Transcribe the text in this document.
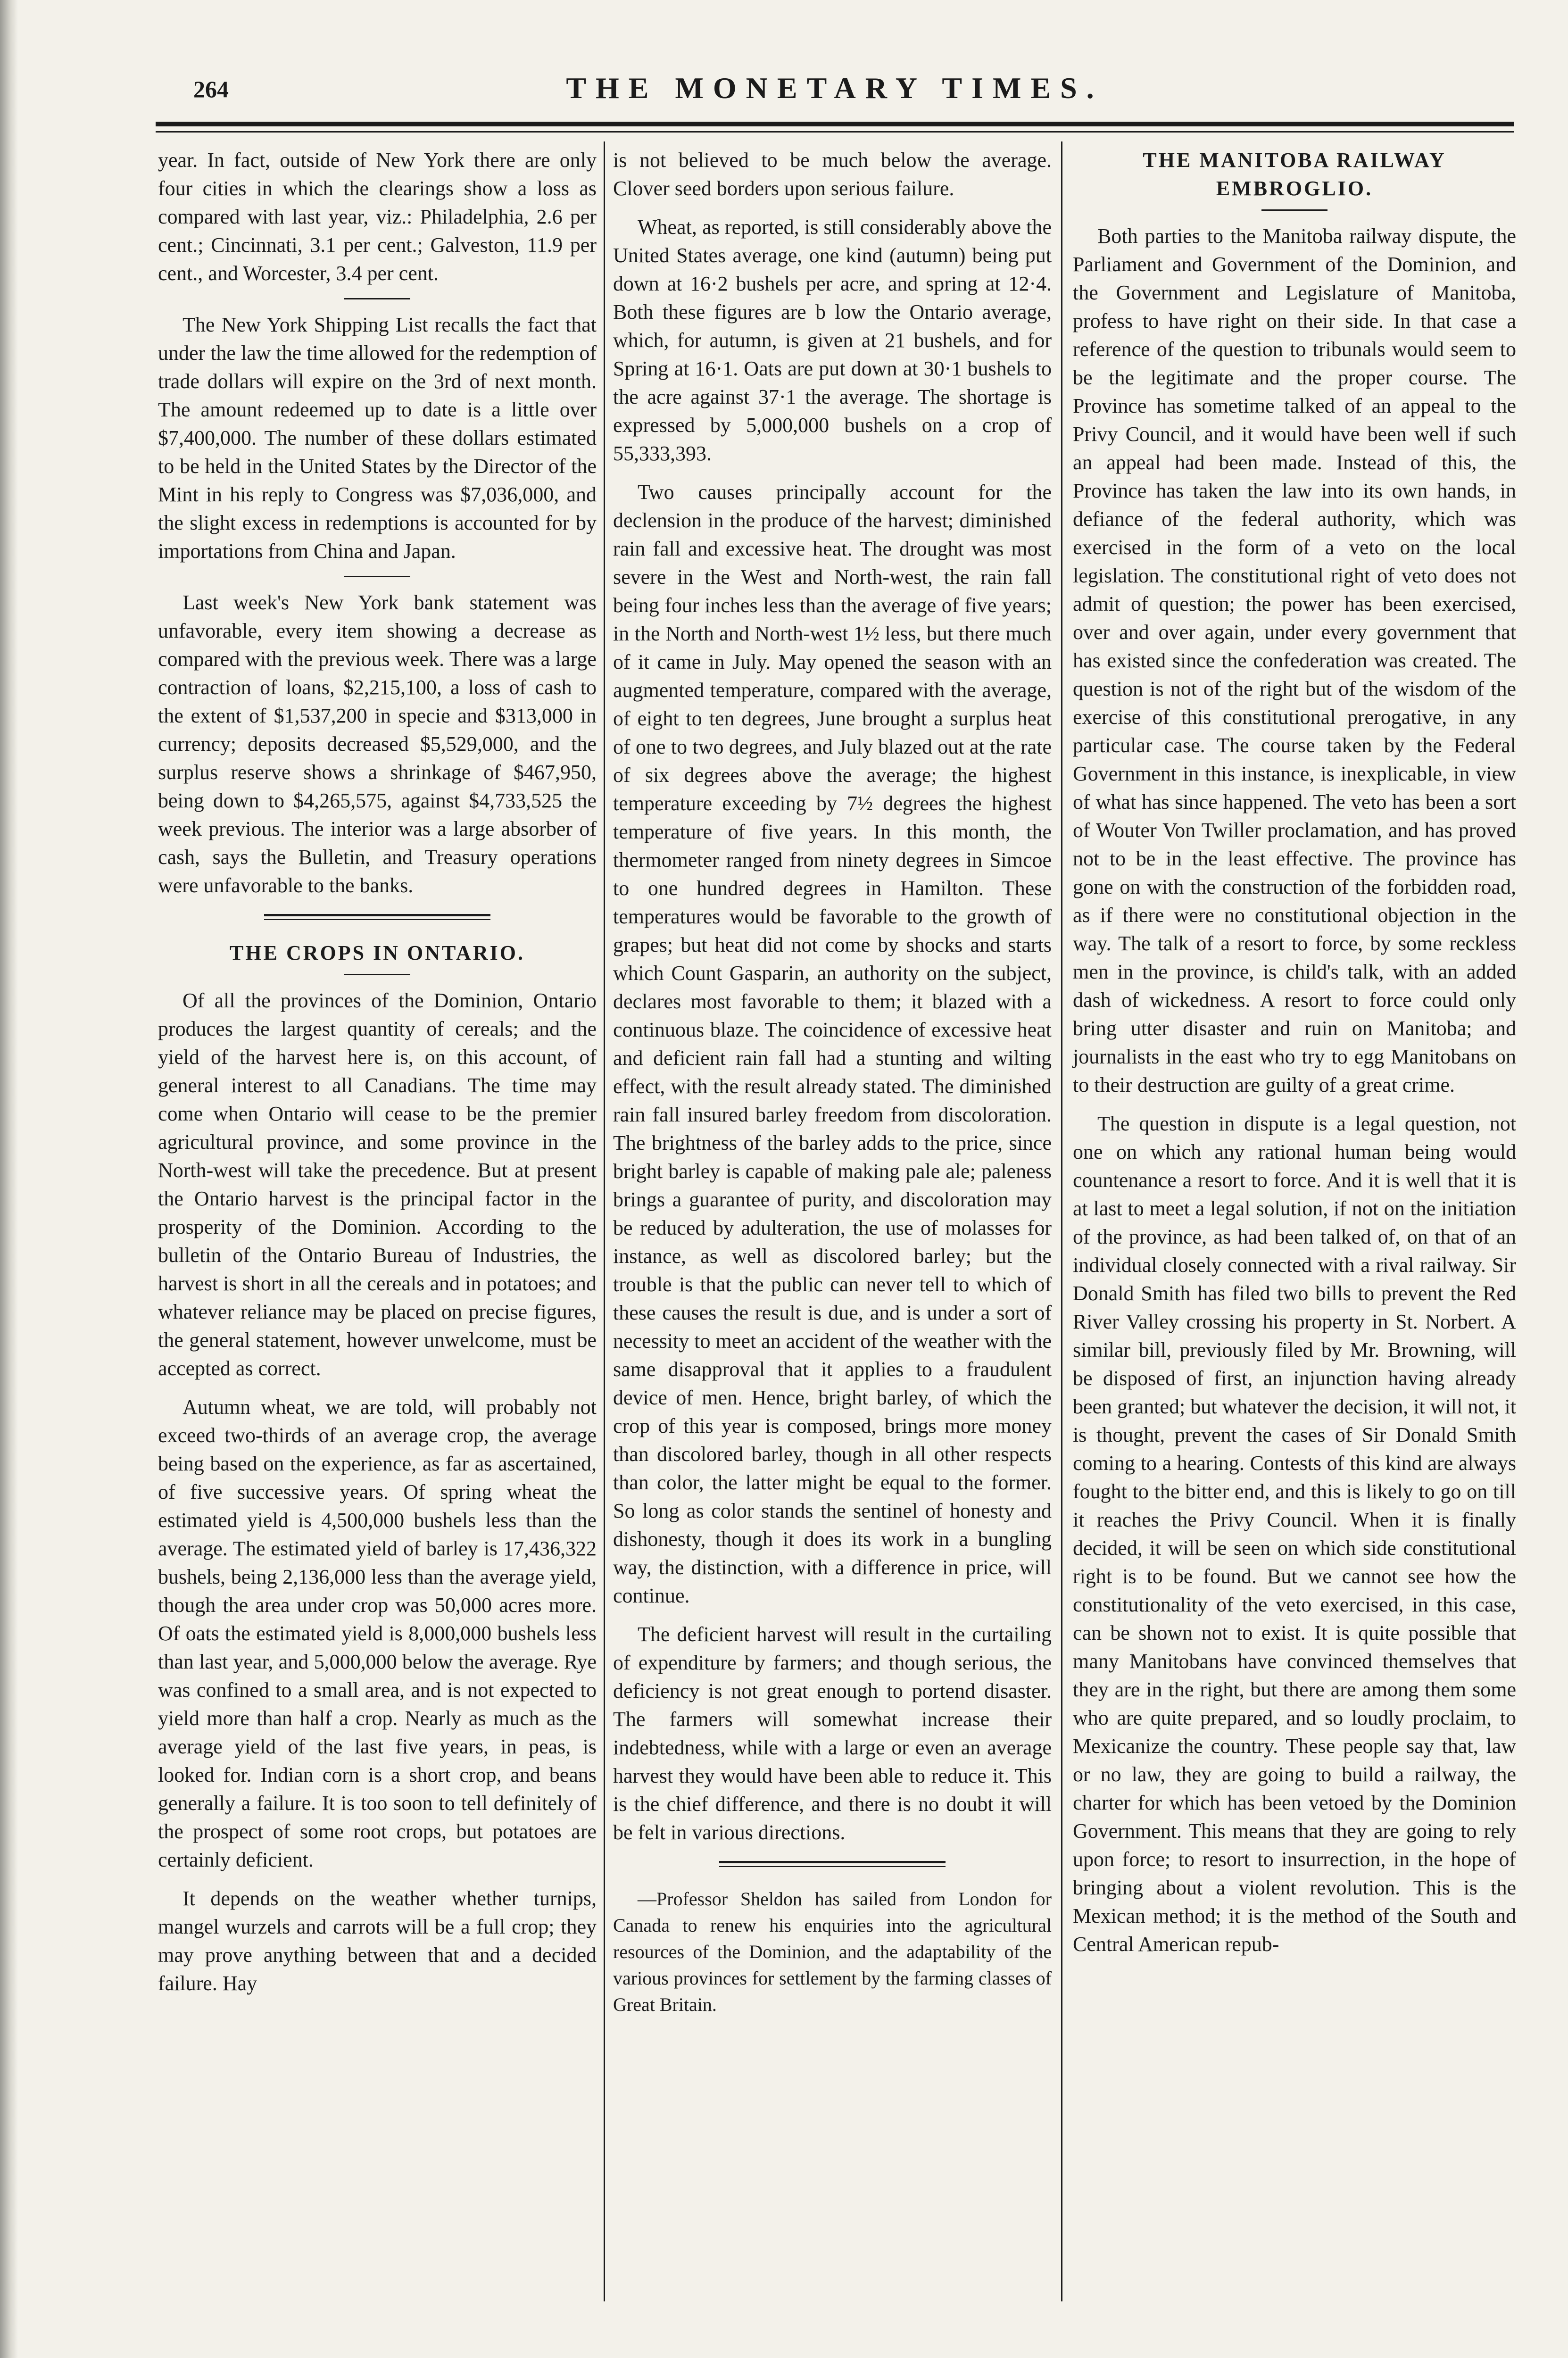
264	THE MONETARY TIMES.

year. In fact, outside of New York there are only four cities in which the clearings show a loss as compared with last year, viz.: Philadelphia, 2.6 per cent.; Cincinnati, 3.1 per cent.; Galveston, 11.9 per cent., and Worcester, 3.4 per cent.

The New York Shipping List recalls the fact that under the law the time allowed for the redemption of trade dollars will expire on the 3rd of next month. The amount redeemed up to date is a little over $7,400,000. The number of these dollars estimated to be held in the United States by the Director of the Mint in his reply to Congress was $7,036,000, and the slight excess in redemptions is accounted for by importations from China and Japan.

Last week's New York bank statement was unfavorable, every item showing a decrease as compared with the previous week. There was a large contraction of loans, $2,215,100, a loss of cash to the extent of $1,537,200 in specie and $313,000 in currency; deposits decreased $5,529,000, and the surplus reserve shows a shrinkage of $467,950, being down to $4,265,575, against $4,733,525 the week previous. The interior was a large absorber of cash, says the Bulletin, and Treasury operations were unfavorable to the banks.

THE CROPS IN ONTARIO.

Of all the provinces of the Dominion, Ontario produces the largest quantity of cereals; and the yield of the harvest here is, on this account, of general interest to all Canadians. The time may come when Ontario will cease to be the premier agricultural province, and some province in the North-west will take the precedence. But at present the Ontario harvest is the principal factor in the prosperity of the Dominion. According to the bulletin of the Ontario Bureau of Industries, the harvest is short in all the cereals and in potatoes; and whatever reliance may be placed on precise figures, the general statement, however unwelcome, must be accepted as correct.

Autumn wheat, we are told, will probably not exceed two-thirds of an average crop, the average being based on the experience, as far as ascertained, of five successive years. Of spring wheat the estimated yield is 4,500,000 bushels less than the average. The estimated yield of barley is 17,436,322 bushels, being 2,136,000 less than the average yield, though the area under crop was 50,000 acres more. Of oats the estimated yield is 8,000,000 bushels less than last year, and 5,000,000 below the average. Rye was confined to a small area, and is not expected to yield more than half a crop. Nearly as much as the average yield of the last five years, in peas, is looked for. Indian corn is a short crop, and beans generally a failure. It is too soon to tell definitely of the prospect of some root crops, but potatoes are certainly deficient.

It depends on the weather whether turnips, mangel wurzels and carrots will be a full crop; they may prove anything between that and a decided failure. Hay

is not believed to be much below the average. Clover seed borders upon serious failure.

Wheat, as reported, is still considerably above the United States average, one kind (autumn) being put down at 16·2 bushels per acre, and spring at 12·4. Both these figures are b low the Ontario average, which, for autumn, is given at 21 bushels, and for Spring at 16·1. Oats are put down at 30·1 bushels to the acre against 37·1 the average. The shortage is expressed by 5,000,000 bushels on a crop of 55,333,393.

Two causes principally account for the declension in the produce of the harvest; diminished rain fall and excessive heat. The drought was most severe in the West and North-west, the rain fall being four inches less than the average of five years; in the North and North-west 1½ less, but there much of it came in July. May opened the season with an augmented temperature, compared with the average, of eight to ten degrees, June brought a surplus heat of one to two degrees, and July blazed out at the rate of six degrees above the average; the highest temperature exceeding by 7½ degrees the highest temperature of five years. In this month, the thermometer ranged from ninety degrees in Simcoe to one hundred degrees in Hamilton. These temperatures would be favorable to the growth of grapes; but heat did not come by shocks and starts which Count Gasparin, an authority on the subject, declares most favorable to them; it blazed with a continuous blaze. The coincidence of excessive heat and deficient rain fall had a stunting and wilting effect, with the result already stated. The diminished rain fall insured barley freedom from discoloration. The brightness of the barley adds to the price, since bright barley is capable of making pale ale; paleness brings a guarantee of purity, and discoloration may be reduced by adulteration, the use of molasses for instance, as well as discolored barley; but the trouble is that the public can never tell to which of these causes the result is due, and is under a sort of necessity to meet an accident of the weather with the same disapproval that it applies to a fraudulent device of men. Hence, bright barley, of which the crop of this year is composed, brings more money than discolored barley, though in all other respects than color, the latter might be equal to the former. So long as color stands the sentinel of honesty and dishonesty, though it does its work in a bungling way, the distinction, with a difference in price, will continue.

The deficient harvest will result in the curtailing of expenditure by farmers; and though serious, the deficiency is not great enough to portend disaster. The farmers will somewhat increase their indebtedness, while with a large or even an average harvest they would have been able to reduce it. This is the chief difference, and there is no doubt it will be felt in various directions.

—Professor Sheldon has sailed from London for Canada to renew his enquiries into the agricultural resources of the Dominion, and the adaptability of the various provinces for settlement by the farming classes of Great Britain.

THE MANITOBA RAILWAY EMBROGLIO.

Both parties to the Manitoba railway dispute, the Parliament and Government of the Dominion, and the Government and Legislature of Manitoba, profess to have right on their side. In that case a reference of the question to tribunals would seem to be the legitimate and the proper course. The Province has sometime talked of an appeal to the Privy Council, and it would have been well if such an appeal had been made. Instead of this, the Province has taken the law into its own hands, in defiance of the federal authority, which was exercised in the form of a veto on the local legislation. The constitutional right of veto does not admit of question; the power has been exercised, over and over again, under every government that has existed since the confederation was created. The question is not of the right but of the wisdom of the exercise of this constitutional prerogative, in any particular case. The course taken by the Federal Government in this instance, is inexplicable, in view of what has since happened. The veto has been a sort of Wouter Von Twiller proclamation, and has proved not to be in the least effective. The province has gone on with the construction of the forbidden road, as if there were no constitutional objection in the way. The talk of a resort to force, by some reckless men in the province, is child's talk, with an added dash of wickedness. A resort to force could only bring utter disaster and ruin on Manitoba; and journalists in the east who try to egg Manitobans on to their destruction are guilty of a great crime.

The question in dispute is a legal question, not one on which any rational human being would countenance a resort to force. And it is well that it is at last to meet a legal solution, if not on the initiation of the province, as had been talked of, on that of an individual closely connected with a rival railway. Sir Donald Smith has filed two bills to prevent the Red River Valley crossing his property in St. Norbert. A similar bill, previously filed by Mr. Browning, will be disposed of first, an injunction having already been granted; but whatever the decision, it will not, it is thought, prevent the cases of Sir Donald Smith coming to a hearing. Contests of this kind are always fought to the bitter end, and this is likely to go on till it reaches the Privy Council. When it is finally decided, it will be seen on which side constitutional right is to be found. But we cannot see how the constitutionality of the veto exercised, in this case, can be shown not to exist. It is quite possible that many Manitobans have convinced themselves that they are in the right, but there are among them some who are quite prepared, and so loudly proclaim, to Mexicanize the country. These people say that, law or no law, they are going to build a railway, the charter for which has been vetoed by the Dominion Government. This means that they are going to rely upon force; to resort to insurrection, in the hope of bringing about a violent revolution. This is the Mexican method; it is the method of the South and Central American repub-
